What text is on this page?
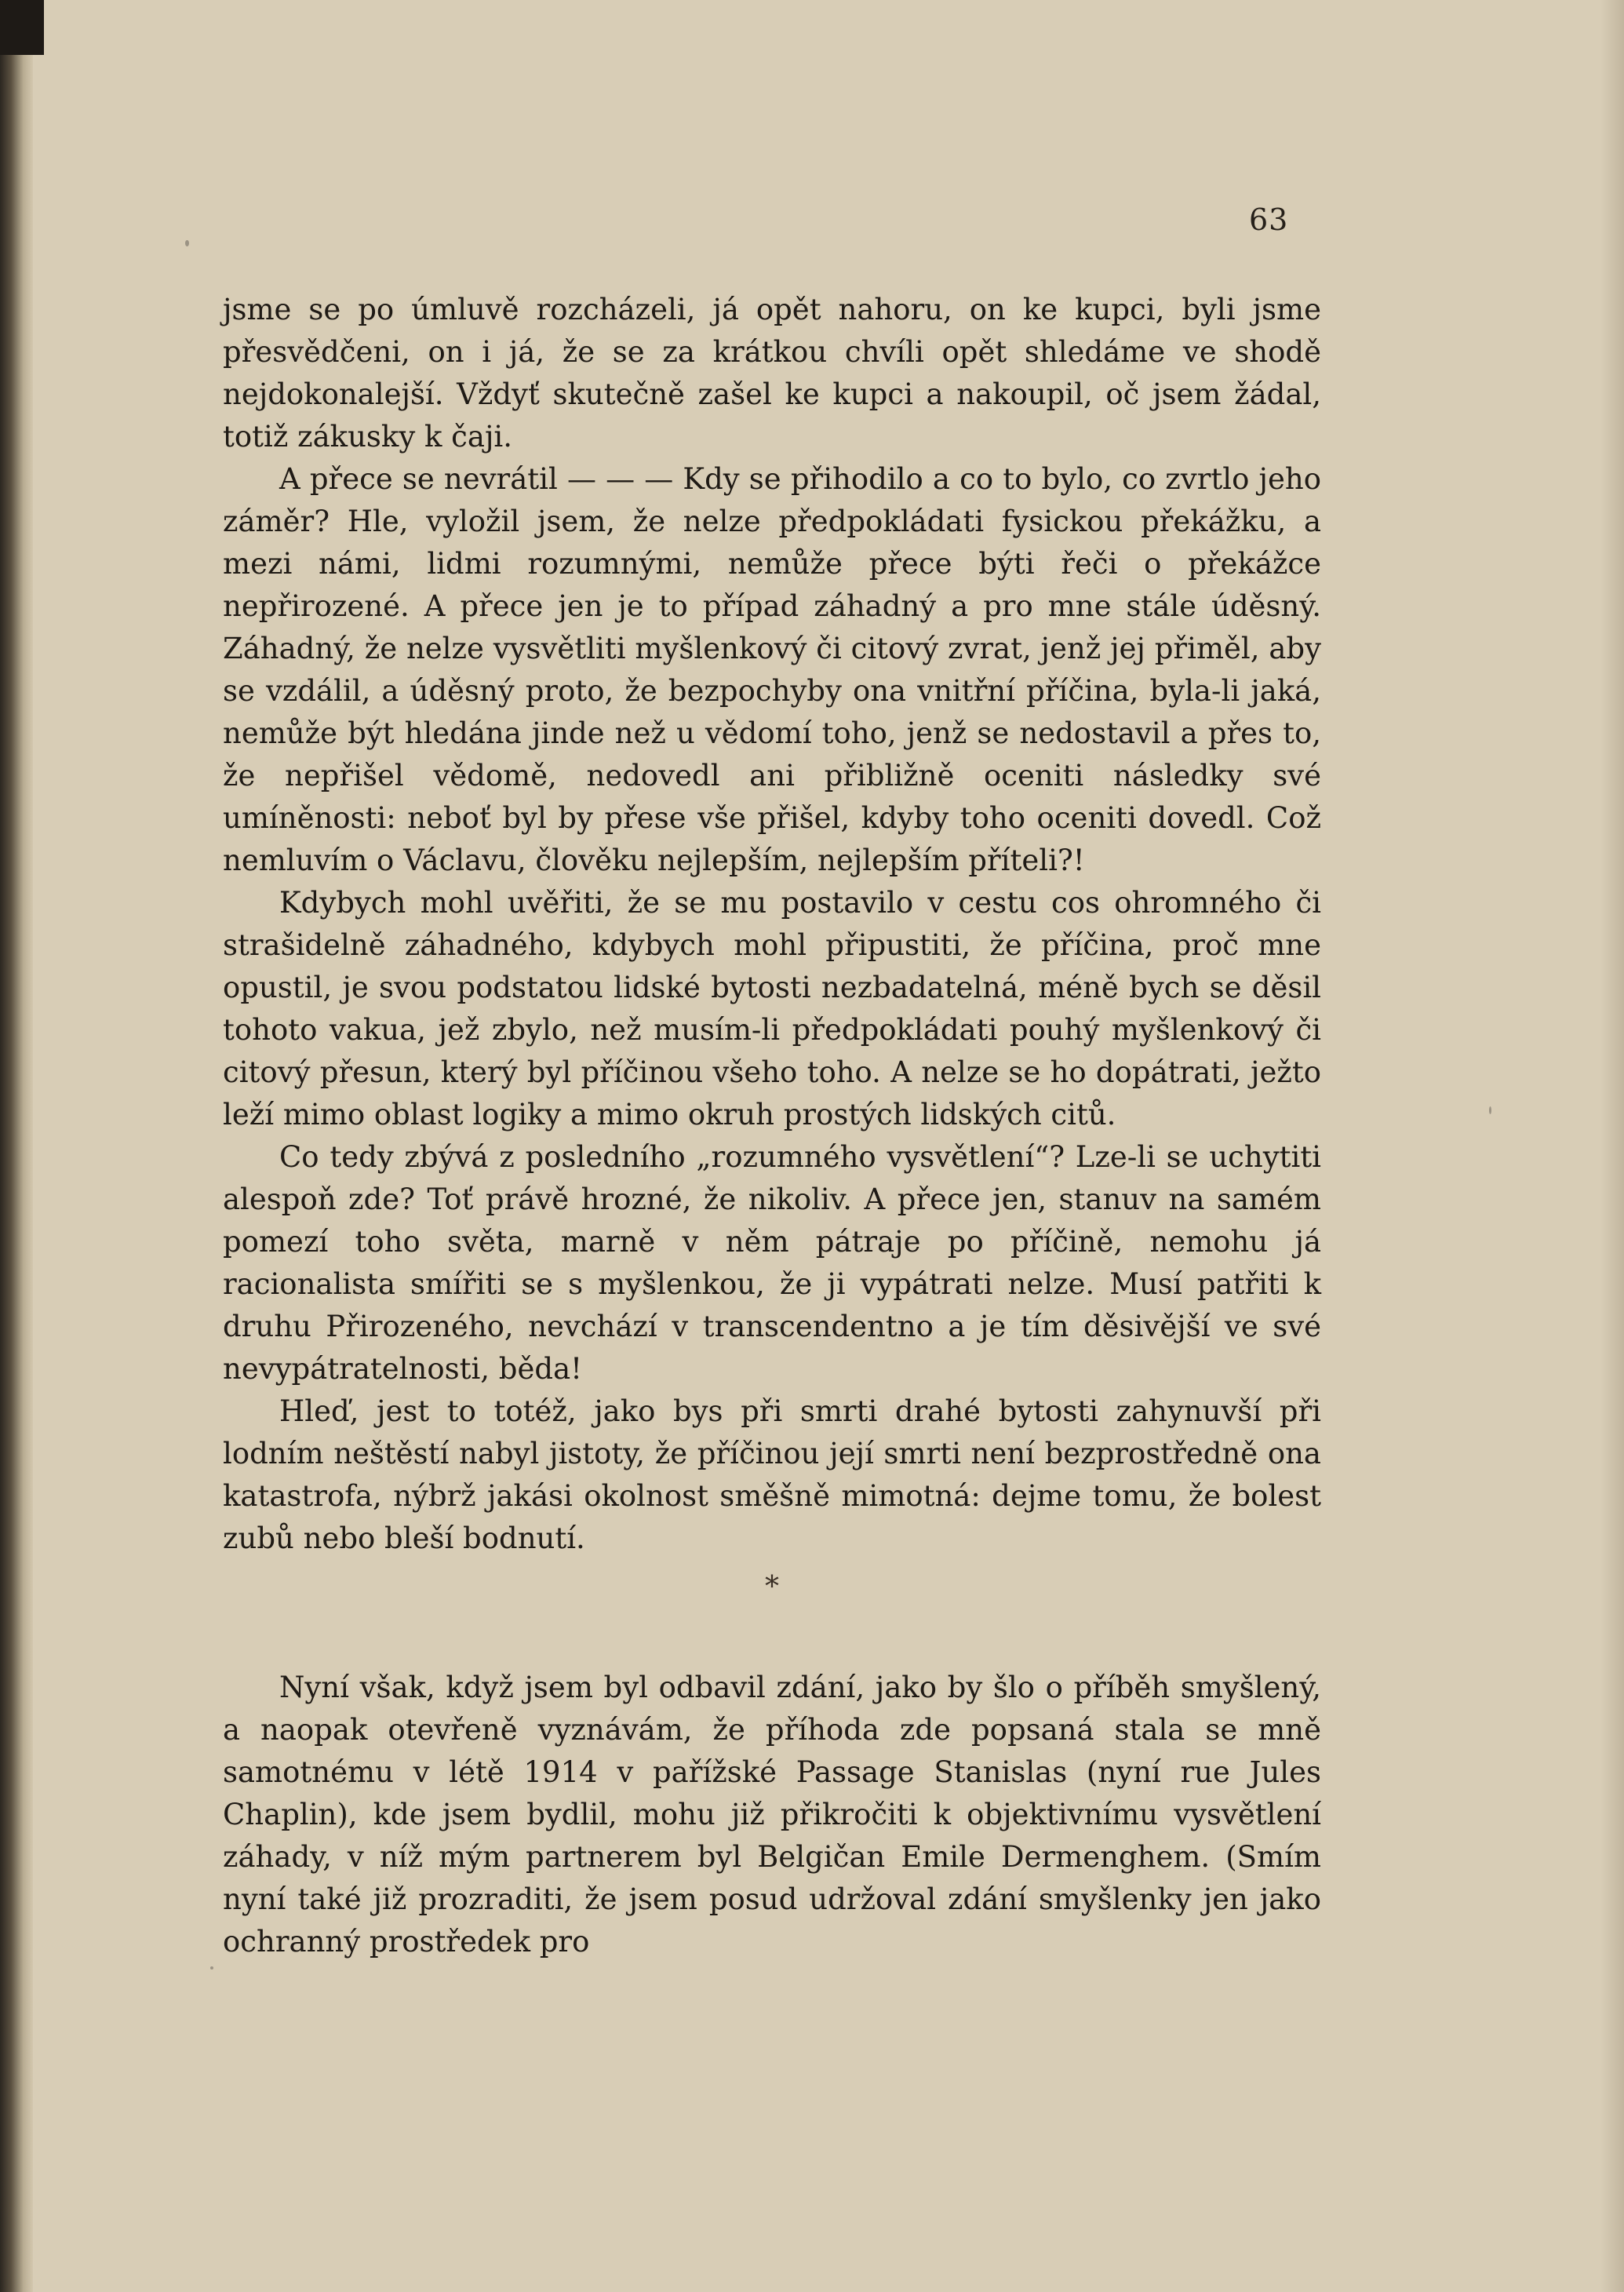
63

jsme se po úmluvě rozcházeli, já opět nahoru, on ke kupci, byli jsme přesvědčeni, on i já, že se za krátkou chvíli opět shledáme ve shodě nejdokonalejší. Vždyť skutečně zašel ke kupci a nakoupil, oč jsem žádal, totiž zákusky k čaji.

A přece se nevrátil — — — Kdy se přihodilo a co to bylo, co zvrtlo jeho záměr? Hle, vyložil jsem, že nelze předpokládati fysickou překážku, a mezi námi, lidmi rozumnými, nemůže přece býti řeči o překážce nepřirozené. A přece jen je to případ záhadný a pro mne stále úděsný. Záhadný, že nelze vysvětliti myšlenkový či citový zvrat, jenž jej přiměl, aby se vzdálil, a úděsný proto, že bezpochyby ona vnitřní příčina, byla-li jaká, nemůže být hledána jinde než u vědomí toho, jenž se nedostavil a přes to, že nepřišel vědomě, nedovedl ani přibližně oceniti následky své umíněnosti: neboť byl by přese vše přišel, kdyby toho oceniti dovedl. Což nemluvím o Václavu, člověku nejlepším, nejlepším příteli?!

Kdybych mohl uvěřiti, že se mu postavilo v cestu cos ohromného či strašidelně záhadného, kdybych mohl připustiti, že příčina, proč mne opustil, je svou podstatou lidské bytosti nezbadatelná, méně bych se děsil tohoto vakua, jež zbylo, než musím-li předpokládati pouhý myšlenkový či citový přesun, který byl příčinou všeho toho. A nelze se ho dopátrati, ježto leží mimo oblast logiky a mimo okruh prostých lidských citů.

Co tedy zbývá z posledního „rozumného vysvětlení“? Lze-li se uchytiti alespoň zde? Toť právě hrozné, že nikoliv. A přece jen, stanuv na samém pomezí toho světa, marně v něm pátraje po příčině, nemohu já racionalista smířiti se s myšlenkou, že ji vypátrati nelze. Musí patřiti k druhu Přirozeného, nevchází v transcendentno a je tím děsivější ve své nevypátratelnosti, běda!

Hleď, jest to totéž, jako bys při smrti drahé bytosti zahynuvší při lodním neštěstí nabyl jistoty, že příčinou její smrti není bezprostředně ona katastrofa, nýbrž jakási okolnost směšně mimotná: dejme tomu, že bolest zubů nebo bleší bodnutí.

*

Nyní však, když jsem byl odbavil zdání, jako by šlo o příběh smyšlený, a naopak otevřeně vyznávám, že příhoda zde popsaná stala se mně samotnému v létě 1914 v pařížské Passage Stanislas (nyní rue Jules Chaplin), kde jsem bydlil, mohu již přikročiti k objektivnímu vysvětlení záhady, v níž mým partnerem byl Belgičan Emile Dermenghem. (Smím nyní také již prozraditi, že jsem posud udržoval zdání smyšlenky jen jako ochranný prostředek pro
